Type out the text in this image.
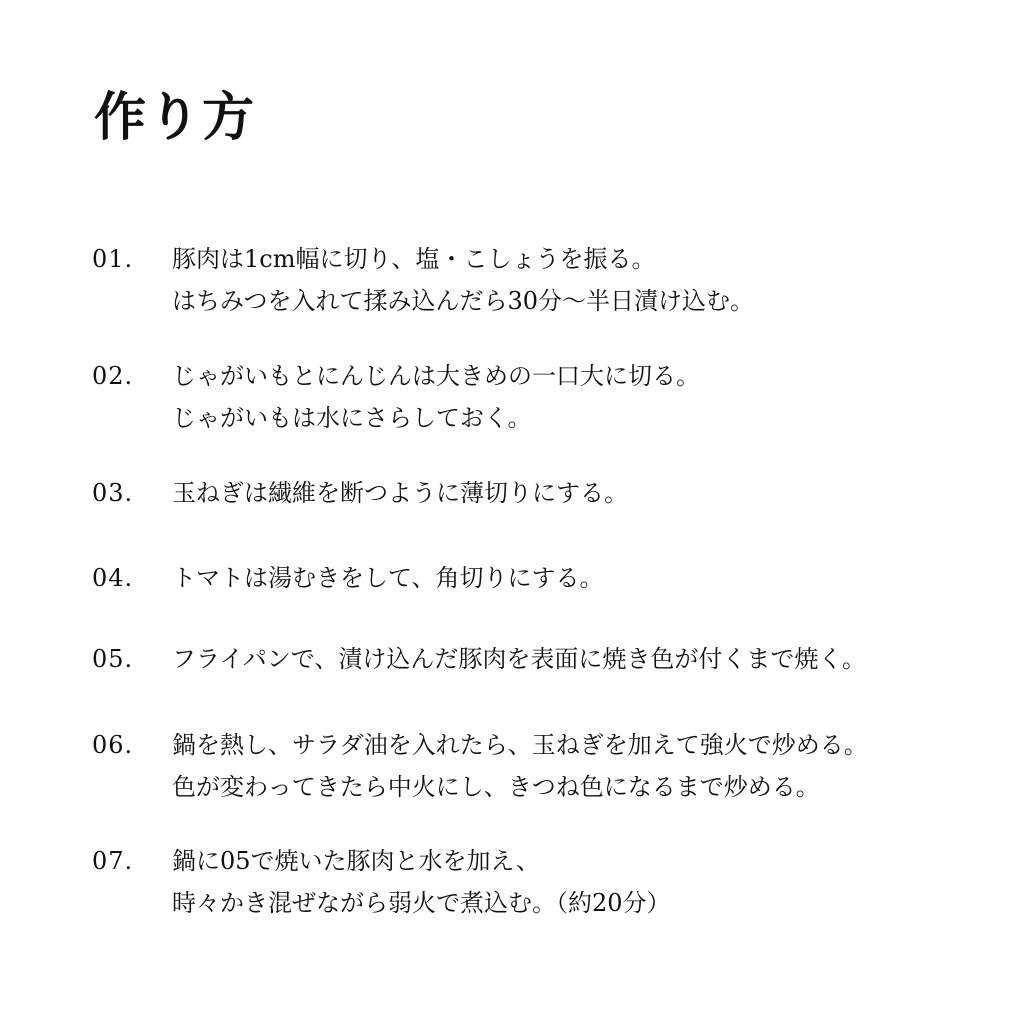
作り方
01. 豚肉は1cm幅に切り、塩・こしょうを振る。
はちみつを入れて揉み込んだら30分〜半日漬け込む。
02. じゃがいもとにんじんは大きめの一口大に切る。
じゃがいもは水にさらしておく。
03. 玉ねぎは繊維を断つように薄切りにする。
04. トマトは湯むきをして、角切りにする。
05. フライパンで、漬け込んだ豚肉を表面に焼き色が付くまで焼く。
06. 鍋を熱し、サラダ油を入れたら、玉ねぎを加えて強火で炒める。
色が変わってきたら中火にし、きつね色になるまで炒める。
07. 鍋に05で焼いた豚肉と水を加え、
時々かき混ぜながら弱火で煮込む。（約20分）
